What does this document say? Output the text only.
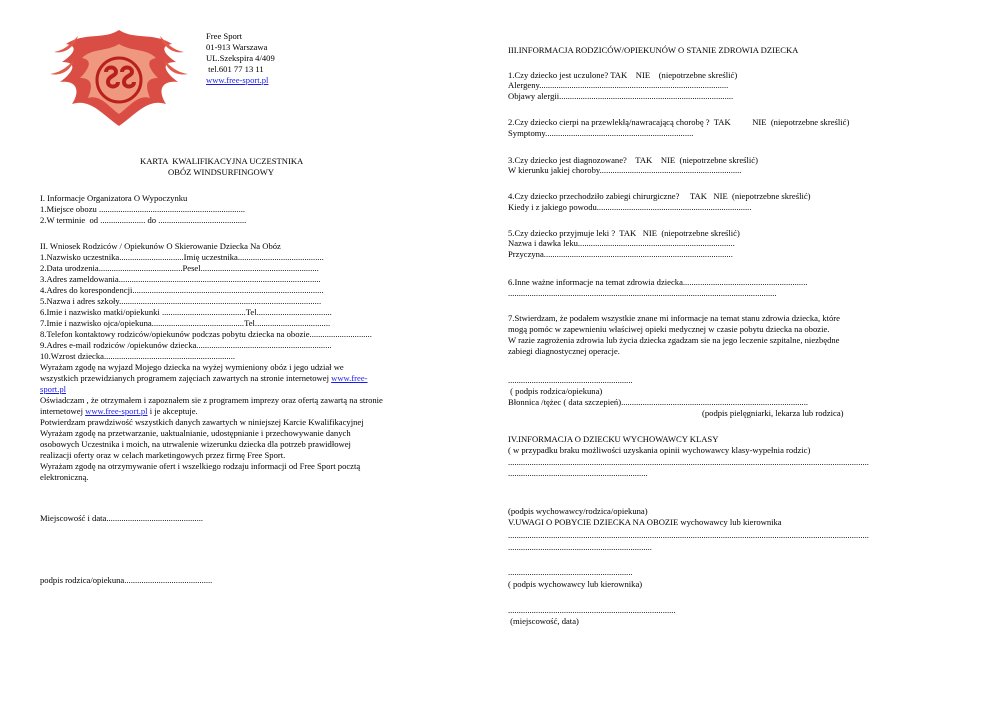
Free Sport
01-913 Warszawa
UL.Szekspira 4/409
tel.601 77 13 11
www.free-sport.pl
KARTA  KWALIFIKACYJNA UCZESTNIKA
OBÓZ WINDSURFINGOWY
I. Informacje Organizatora O Wypoczynku
1.Miejsce obozu ....................................................................
2.W terminie  od ..................... do .........................................
II. Wniosek Rodziców / Opiekunów O Skierowanie Dziecka Na Obóz
1.Nazwisko uczestnika..............................Imię uczestnika........................................
2.Data urodzenia.......................................Pesel.......................................................
3.Adres zameldowania..............................................................................................
4.Adres do korespondencji.........................................................................................
5.Nazwa i adres szkoły..............................................................................................
6.Imie i nazwisko matki/opiekunki .......................................Tel...................................
7.Imie i nazwisko ojca/opiekuna...........................................Tel...................................
8.Telefon kontaktowy rodziców/opiekunów podczas pobytu dziecka na obozie.............................
9.Adres e-mail rodziców /opiekunów dziecka...............................................................
10.Wzrost dziecka.............................................................
Wyrażam zgodę na wyjazd Mojego dziecka na wyżej wymieniony obóz i jego udział we
wszystkich przewidzianych programem zajęciach zawartych na stronie internetowej www.free-
sport.pl
Oświadczam , że otrzymałem i zapoznałem sie z programem imprezy oraz ofertą zawartą na stronie
internetowej www.free-sport.pl i je akceptuje.
Potwierdzam prawdziwość wszystkich danych zawartych w niniejszej Karcie Kwalifikacyjnej
Wyrażam zgodę na przetwarzanie, uaktualnianie, udostępnianie i przechowywanie danych
osobowych Uczestnika i moich, na utrwalenie wizerunku dziecka dla potrzeb prawidłowej
realizacji oferty oraz w celach marketingowych przez firmę Free Sport.
Wyrażam zgodę na otrzymywanie ofert i wszelkiego rodzaju informacji od Free Sport pocztą
elektroniczną.
Miejscowość i data.............................................
podpis rodzica/opiekuna.........................................
III.INFORMACJA RODZICÓW/OPIEKUNÓW O STANIE ZDROWIA DZIECKA
1.Czy dziecko jest uczulone? TAK    NIE    (niepotrzebne skreślić)
Alergeny........................................................................................
Objawy alergii.................................................................................
2.Czy dziecko cierpi na przewlekłą/nawracającą chorobę ?  TAK          NIE  (niepotrzebne skreślić)
Symptomy.....................................................................
3.Czy dziecko jest diagnozowane?    TAK    NIE  (niepotrzebne skreślić)
W kierunku jakiej choroby..................................................................
4.Czy dziecko przechodziło zabiegi chirurgiczne?     TAK   NIE  (niepotrzebne skreślić)
Kiedy i z jakiego powodu........................................................................
5.Czy dziecko przyjmuje leki ?  TAK   NIE  (niepotrzebne skreślić)
Nazwa i dawka leku.........................................................................
Przyczyna........................................................................................
6.Inne ważne informacje na temat zdrowia dziecka..........................................................
.............................................................................................................................
7.Stwierdzam, że podałem wszystkie znane mi informacje na temat stanu zdrowia dziecka, które
mogą pomóc w zapewnieniu właściwej opieki medycznej w czasie pobytu dziecka na obozie.
W razie zagrożenia zdrowia lub życia dziecka zgadzam sie na jego leczenie szpitalne, niezbędne
zabiegi diagnostycznej operacje.
..........................................................
( podpis rodzica/opiekuna)
Błonnica /tężec ( data szczepień).......................................................................................
(podpis pielęgniarki, lekarza lub rodzica)
IV.INFORMACJA O DZIECKU WYCHOWAWCY KLASY
( w przypadku braku możliwości uzyskania opinii wychowawcy klasy-wypełnia rodzic)
........................................................................................................................................................................
.................................................................
(podpis wychowawcy/rodzica/opiekuna)
V.UWAGI O POBYCIE DZIECKA NA OBOZIE wychowawcy lub kierownika
........................................................................................................................................................................
...................................................................
..........................................................
( podpis wychowawcy lub kierownika)
..............................................................................
(miejscowość, data)
